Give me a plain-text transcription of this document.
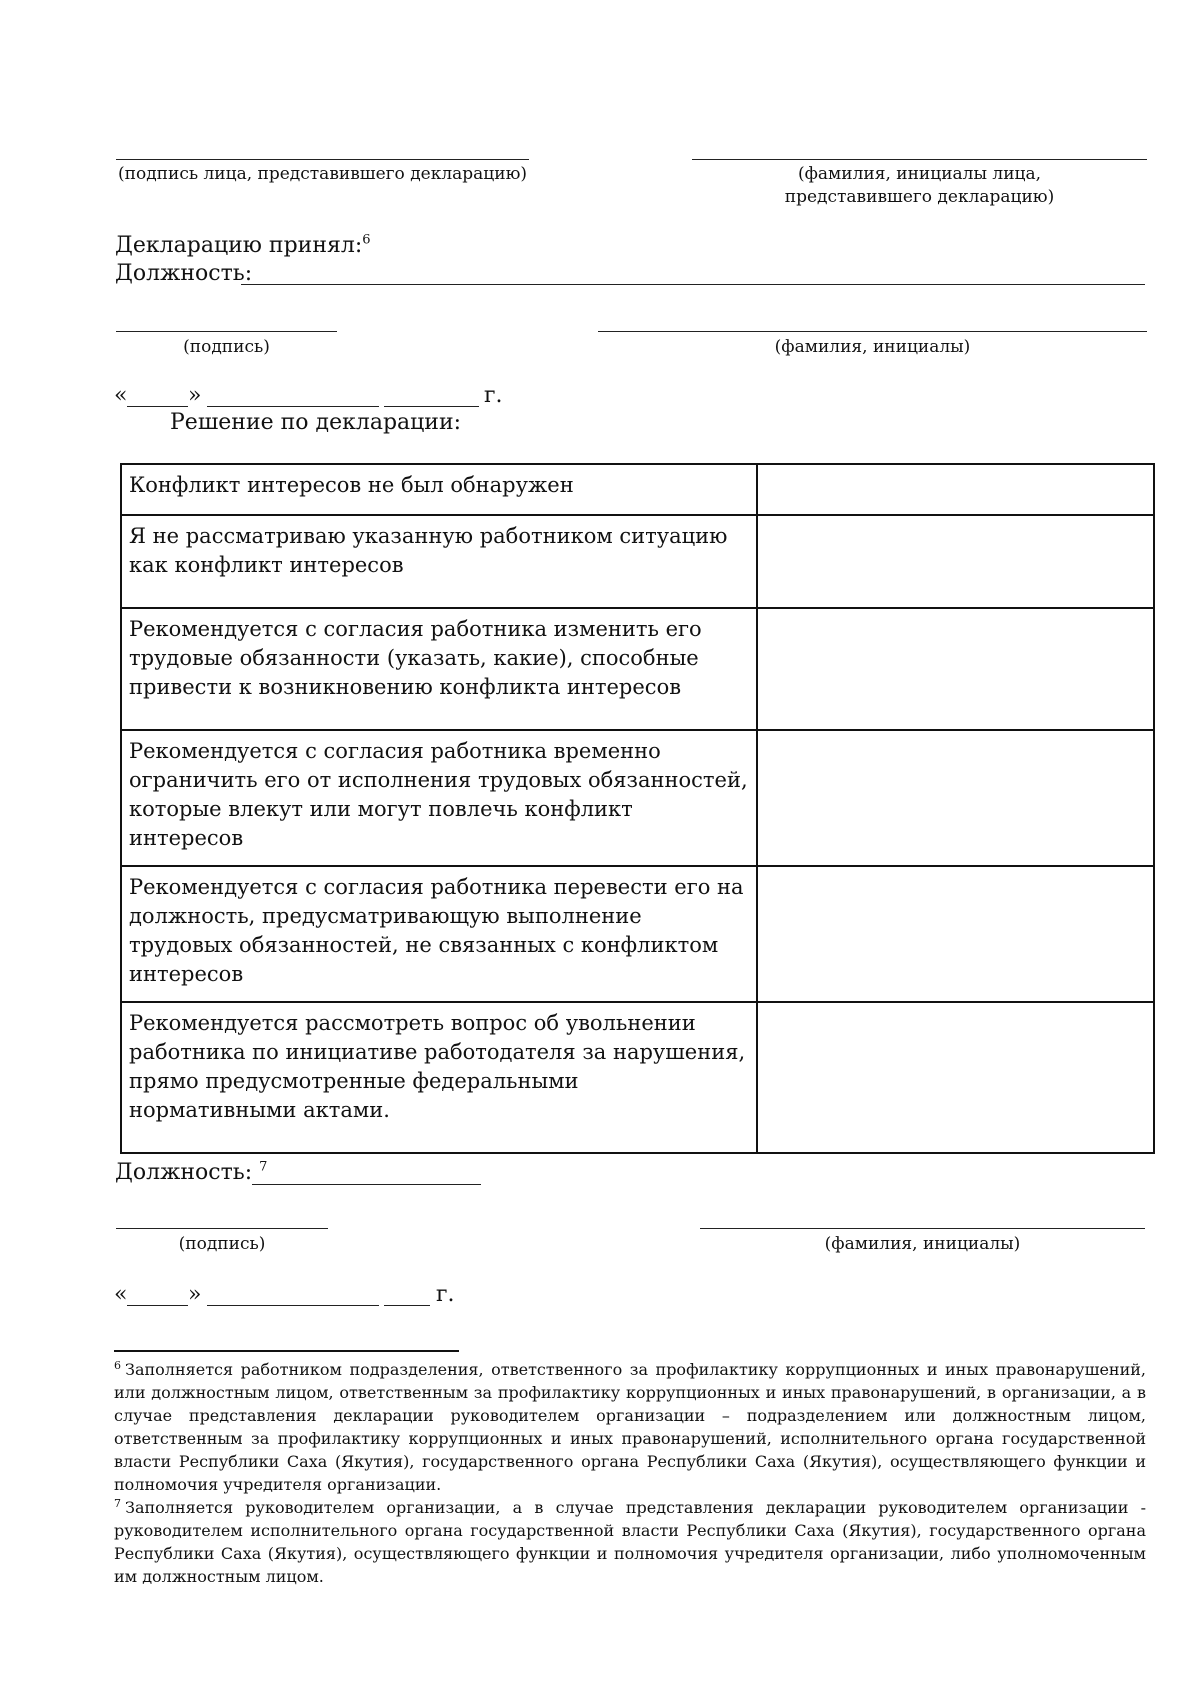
(подпись лица, представившего декларацию)	(фамилия, инициалы лица,
представившего декларацию)
Декларацию принял:$^6$
Должность:
(подпись)	(фамилия, инициалы)
«	»	г.
Решение по декларации:
Конфликт интересов не был обнаружен	
Я не рассматриваю указанную работником ситуацию как конфликт интересов	
Рекомендуется с согласия работника изменить его трудовые обязанности (указать, какие), способные привести к возникновению конфликта интересов	
Рекомендуется с согласия работника временно ограничить его от исполнения трудовых обязанностей, которые влекут или могут повлечь конфликт интересов	
Рекомендуется с согласия работника перевести его на должность, предусматривающую выполнение трудовых обязанностей, не связанных с конфликтом интересов	
Рекомендуется рассмотреть вопрос об увольнении работника по инициативе работодателя за нарушения, прямо предусмотренные федеральными нормативными актами.	
Должность: $^7$
(подпись)	(фамилия, инициалы)
«	»	г.
$^6$ Заполняется работником подразделения, ответственного за профилактику коррупционных и иных правонарушений, или должностным лицом, ответственным за профилактику коррупционных и иных правонарушений, в организации, а в случае представления декларации руководителем организации – подразделением или должностным лицом, ответственным за профилактику коррупционных и иных правонарушений, исполнительного органа государственной власти Республики Саха (Якутия), государственного органа Республики Саха (Якутия), осуществляющего функции и полномочия учредителя организации.
$^7$ Заполняется руководителем организации, а в случае представления декларации руководителем организации - руководителем исполнительного органа государственной власти Республики Саха (Якутия), государственного органа Республики Саха (Якутия), осуществляющего функции и полномочия учредителя организации, либо уполномоченным им должностным лицом.
